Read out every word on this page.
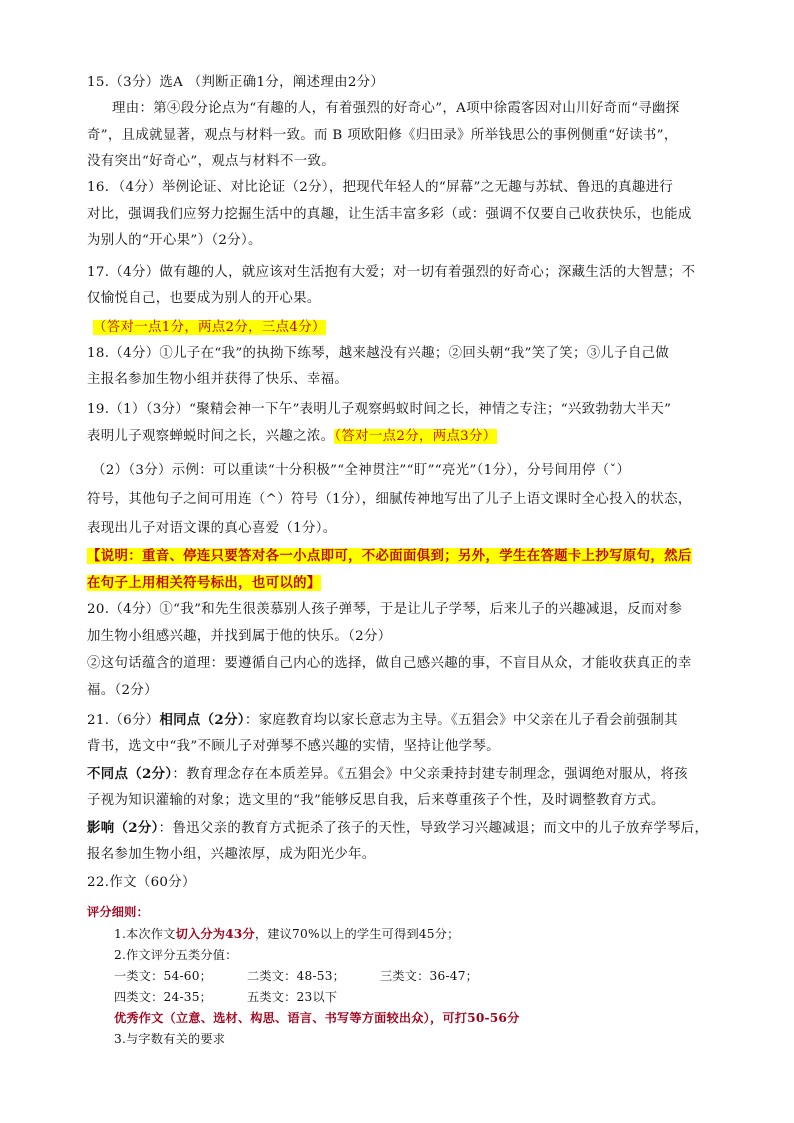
15.（3分）选A （判断正确1分，阐述理由2分）
理由：第④段分论点为“有趣的人，有着强烈的好奇心”，A项中徐霞客因对山川好奇而“寻幽探
奇”，且成就显著，观点与材料一致。而 B 项欧阳修《归田录》所举钱思公的事例侧重“好读书”，
没有突出“好奇心”，观点与材料不一致。
16．（4分）举例论证、对比论证（2分），把现代年轻人的“屏幕”之无趣与苏轼、鲁迅的真趣进行
对比，强调我们应努力挖掘生活中的真趣，让生活丰富多彩（或：强调不仅要自己收获快乐，也能成
为别人的“开心果”）（2分）。
17.（4分）做有趣的人，就应该对生活抱有大爱；对一切有着强烈的好奇心；深藏生活的大智慧；不
仅愉悦自己，也要成为别人的开心果。
（答对一点1分，两点2分，三点4分）
18.（4分）①儿子在“我”的执拗下练琴，越来越没有兴趣；②回头朝“我”笑了笑；③儿子自己做
主报名参加生物小组并获得了快乐、幸福。
19.（1）（3分）“聚精会神一下午”表明儿子观察蚂蚁时间之长，神情之专注；“兴致勃勃大半天”
表明儿子观察蝉蜕时间之长，兴趣之浓。（答对一点2分，两点3分）
（2）（3分）示例：可以重读“十分积极”“全神贯注”“盯”“亮光”（1分），分号间用停（ˇ）
符号，其他句子之间可用连（^）符号（1分），细腻传神地写出了儿子上语文课时全心投入的状态，
表现出儿子对语文课的真心喜爱（1分）。
【说明：重音、停连只要答对各一小点即可，不必面面俱到；另外，学生在答题卡上抄写原句，然后
在句子上用相关符号标出，也可以的】
20.（4分）①“我”和先生很羡慕别人孩子弹琴，于是让儿子学琴，后来儿子的兴趣减退，反而对参
加生物小组感兴趣，并找到属于他的快乐。（2分）
②这句话蕴含的道理：要遵循自己内心的选择，做自己感兴趣的事，不盲目从众，才能收获真正的幸
福。（2分）
21.（6分）相同点（2分）：家庭教育均以家长意志为主导。《五猖会》中父亲在儿子看会前强制其
背书，选文中“我”不顾儿子对弹琴不感兴趣的实情，坚持让他学琴。
不同点（2分）：教育理念存在本质差异。《五猖会》中父亲秉持封建专制理念，强调绝对服从，将孩
子视为知识灌输的对象；选文里的“我”能够反思自我，后来尊重孩子个性，及时调整教育方式。
影响（2分）：鲁迅父亲的教育方式扼杀了孩子的天性，导致学习兴趣减退；而文中的儿子放弃学琴后，
报名参加生物小组，兴趣浓厚，成为阳光少年。
22.作文（60分）
评分细则：
1.本次作文切入分为43分，建议70%以上的学生可得到45分；
2.作文评分五类分值：
一类文：54-60；	二类文：48-53；	三类文：36-47；
四类文：24-35；	五类文：23以下
优秀作文（立意、选材、构思、语言、书写等方面较出众），可打50-56分
3.与字数有关的要求
